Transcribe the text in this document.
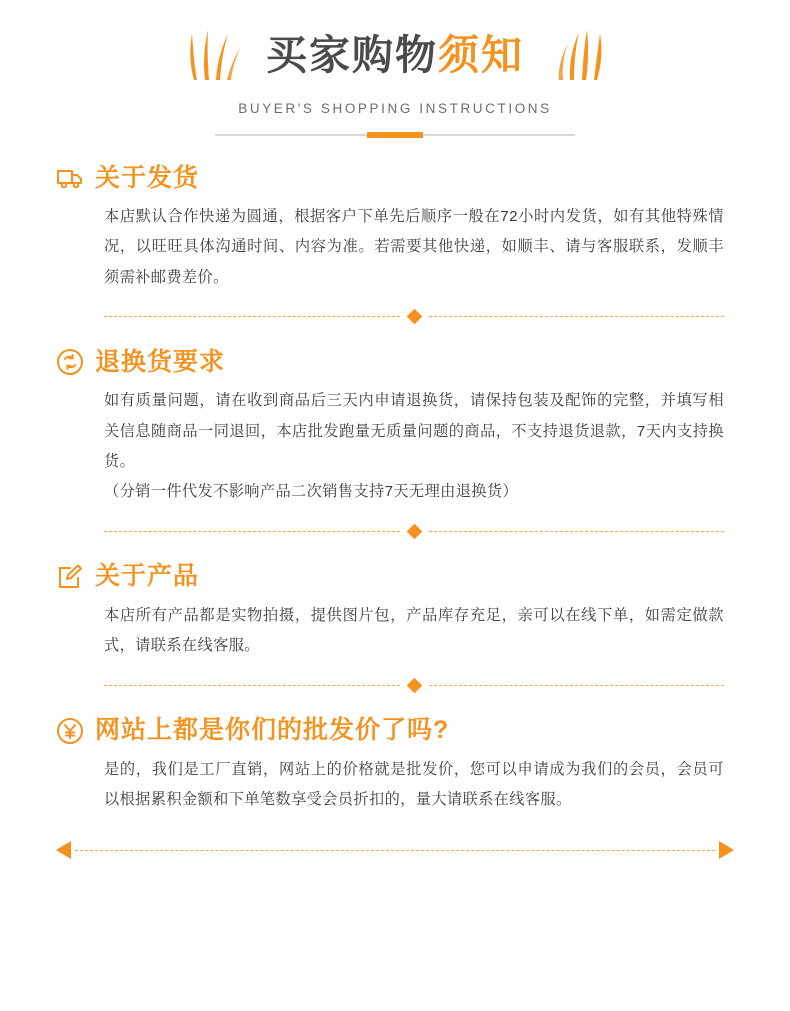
买家购物须知
BUYER'S SHOPPING INSTRUCTIONS
关于发货

本店默认合作快递为圆通，根据客户下单先后顺序一般在72小时内发货，如有其他特殊情况，以旺旺具体沟通时间、内容为准。若需要其他快递，如顺丰、请与客服联系，发顺丰须需补邮费差价。

退换货要求

如有质量问题，请在收到商品后三天内申请退换货，请保持包装及配饰的完整，并填写相关信息随商品一同退回，本店批发跑量无质量问题的商品，不支持退货退款，7天内支持换货。

（分销一件代发不影响产品二次销售支持7天无理由退换货）

关于产品

本店所有产品都是实物拍摄，提供图片包，产品库存充足，亲可以在线下单，如需定做款式，请联系在线客服。

网站上都是你们的批发价了吗?

是的，我们是工厂直销，网站上的价格就是批发价，您可以申请成为我们的会员，会员可以根据累积金额和下单笔数享受会员折扣的，量大请联系在线客服。
